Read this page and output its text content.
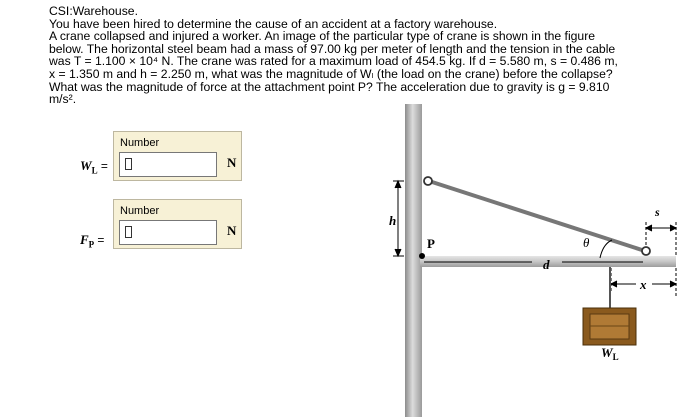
CSI:Warehouse.

You have been hired to determine the cause of an accident at a factory warehouse.

A crane collapsed and injured a worker. An image of the particular type of crane is shown in the figure

below. The horizontal steel beam had a mass of 97.00 kg per meter of length and the tension in the cable

was T = 1.100 × 10⁴ N. The crane was rated for a maximum load of 454.5 kg. If d = 5.580 m, s = 0.486 m,

x = 1.350 m and h = 2.250 m, what was the magnitude of Wₗ (the load on the crane) before the collapse?

What was the magnitude of force at the attachment point P? The acceleration due to gravity is g = 9.810

m/s².

$W_L$ =
Number
N
$F_P$ =
Number
N
h
P	θ
d
s
x
$W_L$
